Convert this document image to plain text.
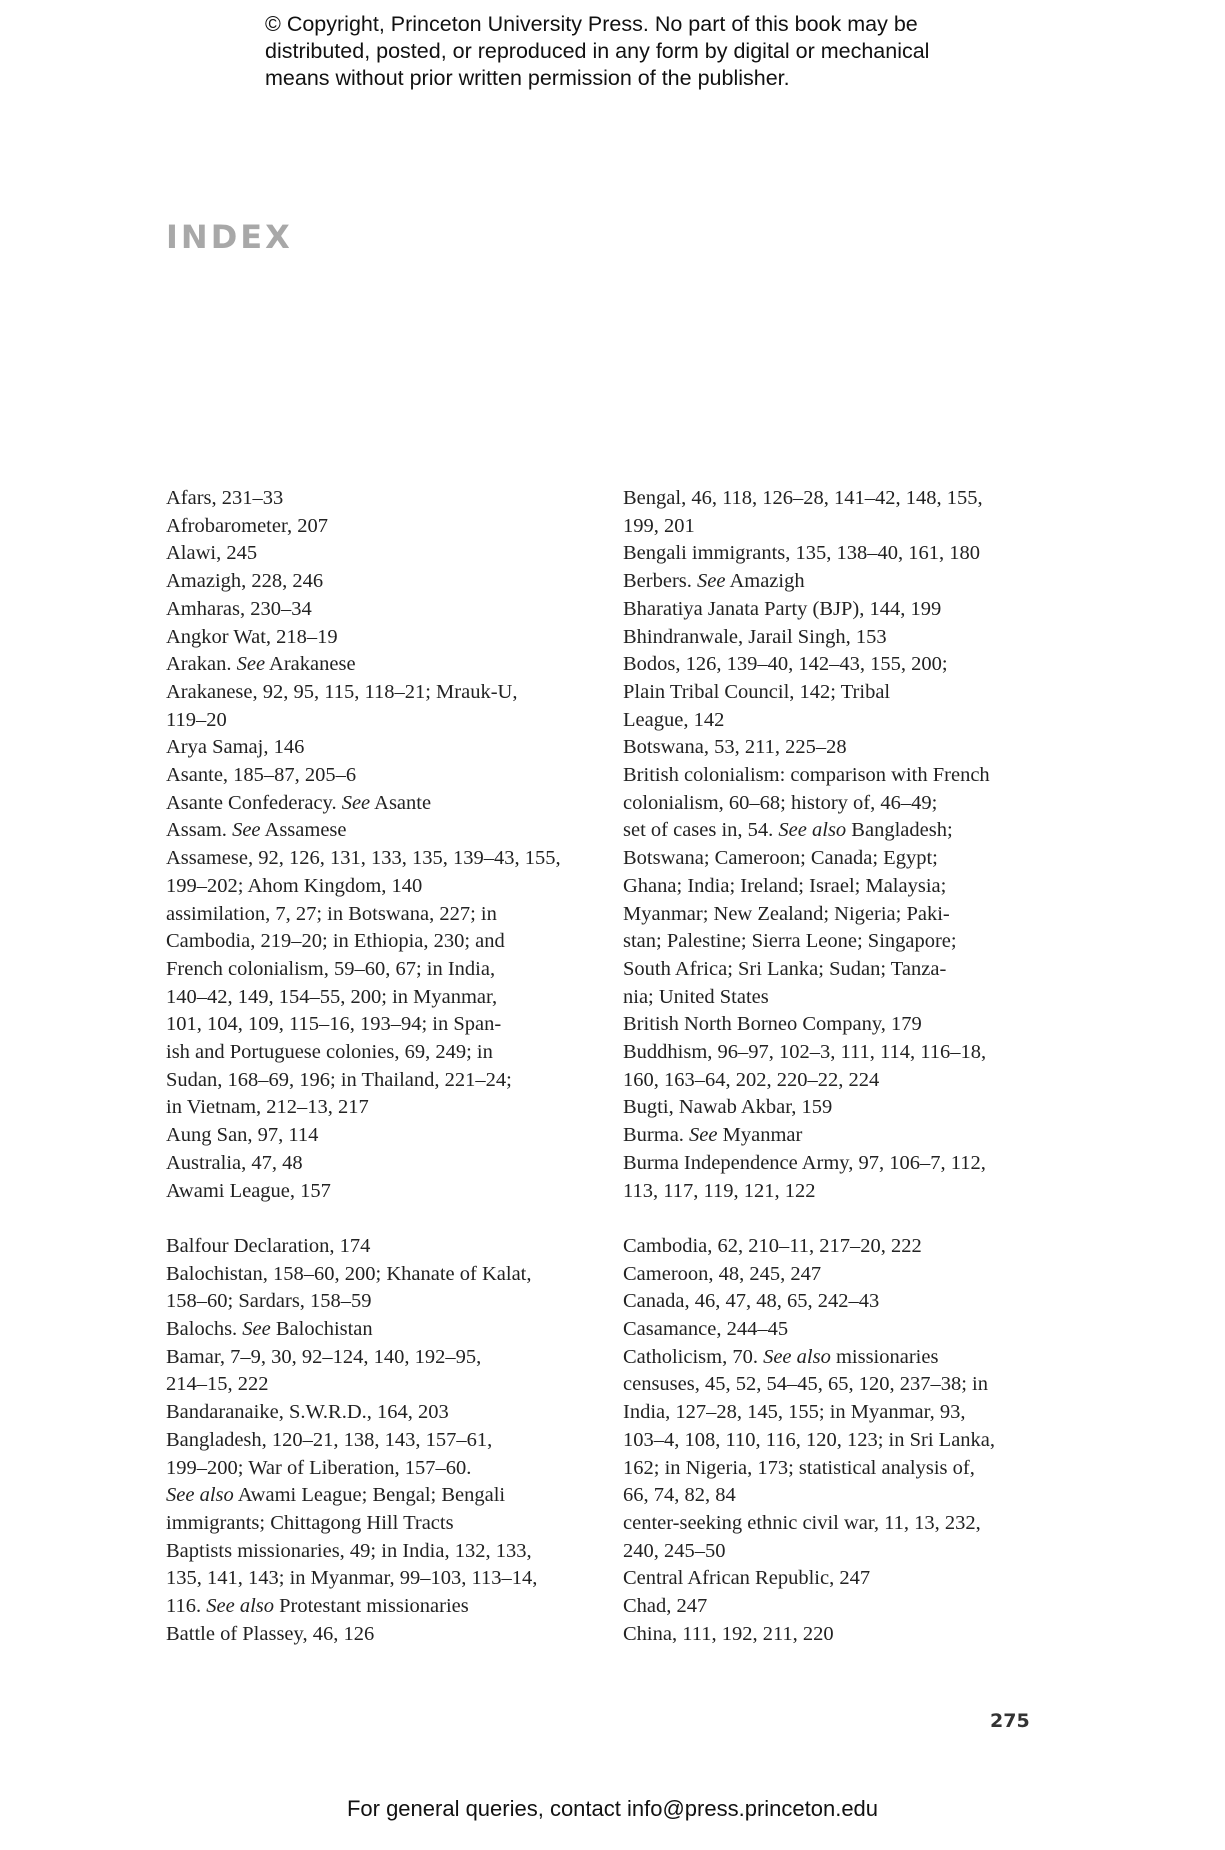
© Copyright, Princeton University Press. No part of this book may be
distributed, posted, or reproduced in any form by digital or mechanical
means without prior written permission of the publisher.
INDEX
Afars, 231–33
Afrobarometer, 207
Alawi, 245
Amazigh, 228, 246
Amharas, 230–34
Angkor Wat, 218–19
Arakan. See Arakanese
Arakanese, 92, 95, 115, 118–21; Mrauk-U,
119–20
Arya Samaj, 146
Asante, 185–87, 205–6
Asante Confederacy. See Asante
Assam. See Assamese
Assamese, 92, 126, 131, 133, 135, 139–43, 155,
199–202; Ahom Kingdom, 140
assimilation, 7, 27; in Botswana, 227; in
Cambodia, 219–20; in Ethiopia, 230; and
French colonialism, 59–60, 67; in India,
140–42, 149, 154–55, 200; in Myanmar,
101, 104, 109, 115–16, 193–94; in Span-
ish and Portuguese colonies, 69, 249; in
Sudan, 168–69, 196; in Thailand, 221–24;
in Vietnam, 212–13, 217
Aung San, 97, 114
Australia, 47, 48
Awami League, 157
Balfour Declaration, 174
Balochistan, 158–60, 200; Khanate of Kalat,
158–60; Sardars, 158–59
Balochs. See Balochistan
Bamar, 7–9, 30, 92–124, 140, 192–95,
214–15, 222
Bandaranaike, S.W.R.D., 164, 203
Bangladesh, 120–21, 138, 143, 157–61,
199–200; War of Liberation, 157–60.
See also Awami League; Bengal; Bengali
immigrants; Chittagong Hill Tracts
Baptists missionaries, 49; in India, 132, 133,
135, 141, 143; in Myanmar, 99–103, 113–14,
116. See also Protestant missionaries
Battle of Plassey, 46, 126
Bengal, 46, 118, 126–28, 141–42, 148, 155,
199, 201
Bengali immigrants, 135, 138–40, 161, 180
Berbers. See Amazigh
Bharatiya Janata Party (BJP), 144, 199
Bhindranwale, Jarail Singh, 153
Bodos, 126, 139–40, 142–43, 155, 200;
Plain Tribal Council, 142; Tribal
League, 142
Botswana, 53, 211, 225–28
British colonialism: comparison with French
colonialism, 60–68; history of, 46–49;
set of cases in, 54. See also Bangladesh;
Botswana; Cameroon; Canada; Egypt;
Ghana; India; Ireland; Israel; Malaysia;
Myanmar; New Zealand; Nigeria; Paki-
stan; Palestine; Sierra Leone; Singapore;
South Africa; Sri Lanka; Sudan; Tanza-
nia; United States
British North Borneo Company, 179
Buddhism, 96–97, 102–3, 111, 114, 116–18,
160, 163–64, 202, 220–22, 224
Bugti, Nawab Akbar, 159
Burma. See Myanmar
Burma Independence Army, 97, 106–7, 112,
113, 117, 119, 121, 122
Cambodia, 62, 210–11, 217–20, 222
Cameroon, 48, 245, 247
Canada, 46, 47, 48, 65, 242–43
Casamance, 244–45
Catholicism, 70. See also missionaries
censuses, 45, 52, 54–45, 65, 120, 237–38; in
India, 127–28, 145, 155; in Myanmar, 93,
103–4, 108, 110, 116, 120, 123; in Sri Lanka,
162; in Nigeria, 173; statistical analysis of,
66, 74, 82, 84
center-seeking ethnic civil war, 11, 13, 232,
240, 245–50
Central African Republic, 247
Chad, 247
China, 111, 192, 211, 220
275
For general queries, contact info@press.princeton.edu
